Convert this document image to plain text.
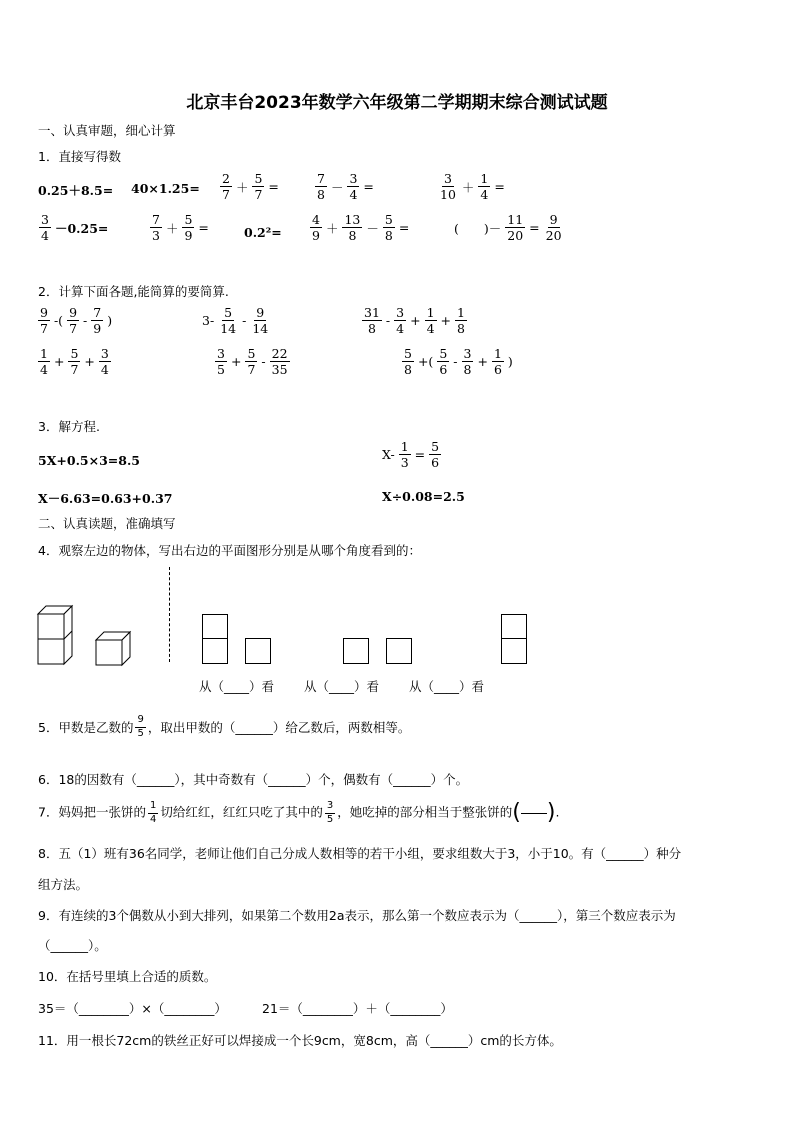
北京丰台2023年数学六年级第二学期期末综合测试试题
一、认真审题，细心计算
1．直接写得数
$0.25+8.5= 40\times 1.25= \frac{2}{7} + \frac{5}{7}$ =	$\frac{7}{8} - \frac{3}{4}$ =	$\frac{3}{10} + \frac{1}{4}$ =
$\frac{3}{4} -0.25=$	$\frac{7}{3} + \frac{5}{9}$ =	$0.2^2= \frac{4}{9} + \frac{13}{8} - \frac{5}{8}$ =	(　　)－ $\frac{11}{20} = \frac{9}{20}$
2．计算下面各题,能简算的要简算.
$\frac{9}{7}$ -( $\frac{9}{7} - \frac{7}{9}$ )	$3- \frac{5}{14} - \frac{9}{14}$	$\frac{31}{8} - \frac{3}{4} + \frac{1}{4} + \frac{1}{8}$
$\frac{1}{4} + \frac{5}{7} + \frac{3}{4}$	$\frac{3}{5} + \frac{5}{7} - \frac{22}{35}$	$\frac{5}{8}$ +( $\frac{5}{6} - \frac{3}{8} + \frac{1}{6}$ )
3．解方程.
5X+0.5×3=8.5	$X- \frac{1}{3} = \frac{5}{6}$
X－6.63=0.63+0.37	X÷0.08=2.5
二、认真读题，准确填写
4．观察左边的物体，写出右边的平面图形分别是从哪个角度看到的：
从（____）看 从（____）看 从（____）看
5．甲数是乙数的 $\frac{9}{5}$ ，取出甲数的（______）给乙数后，两数相等。
6．18的因数有（______），其中奇数有（______）个，偶数有（______）个。
7．妈妈把一张饼的 $\frac{1}{4}$ 切给红红，红红只吃了其中的 $\frac{3}{5}$ ，她吃掉的部分相当于整张饼的( ).
8．五（1）班有36名同学，老师让他们自己分成人数相等的若干小组，要求组数大于3，小于10。有（______）种分
组方法。
9．有连续的3个偶数从小到大排列，如果第二个数用2a表示，那么第一个数应表示为（______），第三个数应表示为
（______）。
10．在括号里填上合适的质数。
35＝（________）×（________）	21＝（________）＋（________）
11．用一根长72cm的铁丝正好可以焊接成一个长9cm，宽8cm，高（______）cm的长方体。
